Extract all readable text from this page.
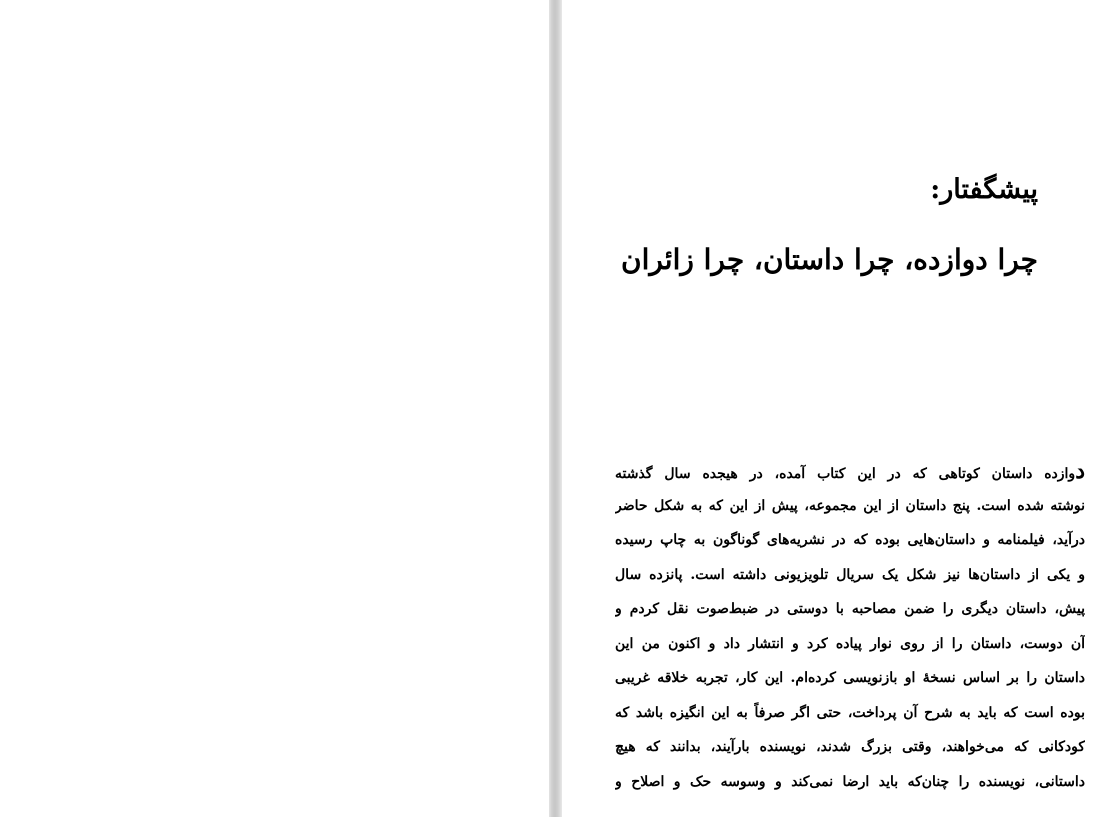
پیشگفتار:
چرا دوازده، چرا داستان، چرا زائران
دوازده داستان کوتاهی که در این کتاب آمده، در هیجده سال گذشته
نوشته شده است. پنج داستان از این مجموعه، پیش از این که به شکل حاضر
درآید، فیلمنامه و داستان‌هایی بوده که در نشریه‌های گوناگون به چاپ رسیده
و یکی از داستان‌ها نیز شکل یک سریال تلویزیونی داشته است. پانزده سال
پیش، داستان دیگری را ضمن مصاحبه با دوستی در ضبط‌صوت نقل کردم و
آن دوست، داستان را از روی نوار پیاده کرد و انتشار داد و اکنون من این
داستان را بر اساس نسخهٔ او بازنویسی کرده‌ام. این کار، تجربه خلاقه غریبی
بوده است که باید به شرح آن پرداخت، حتی اگر صرفاً به این انگیزه باشد که
کودکانی که می‌خواهند، وقتی بزرگ شدند، نویسنده بارآیند، بدانند که هیچ
داستانی، نویسنده را چنان‌که باید ارضا نمی‌کند و وسوسه حک و اصلاح و
